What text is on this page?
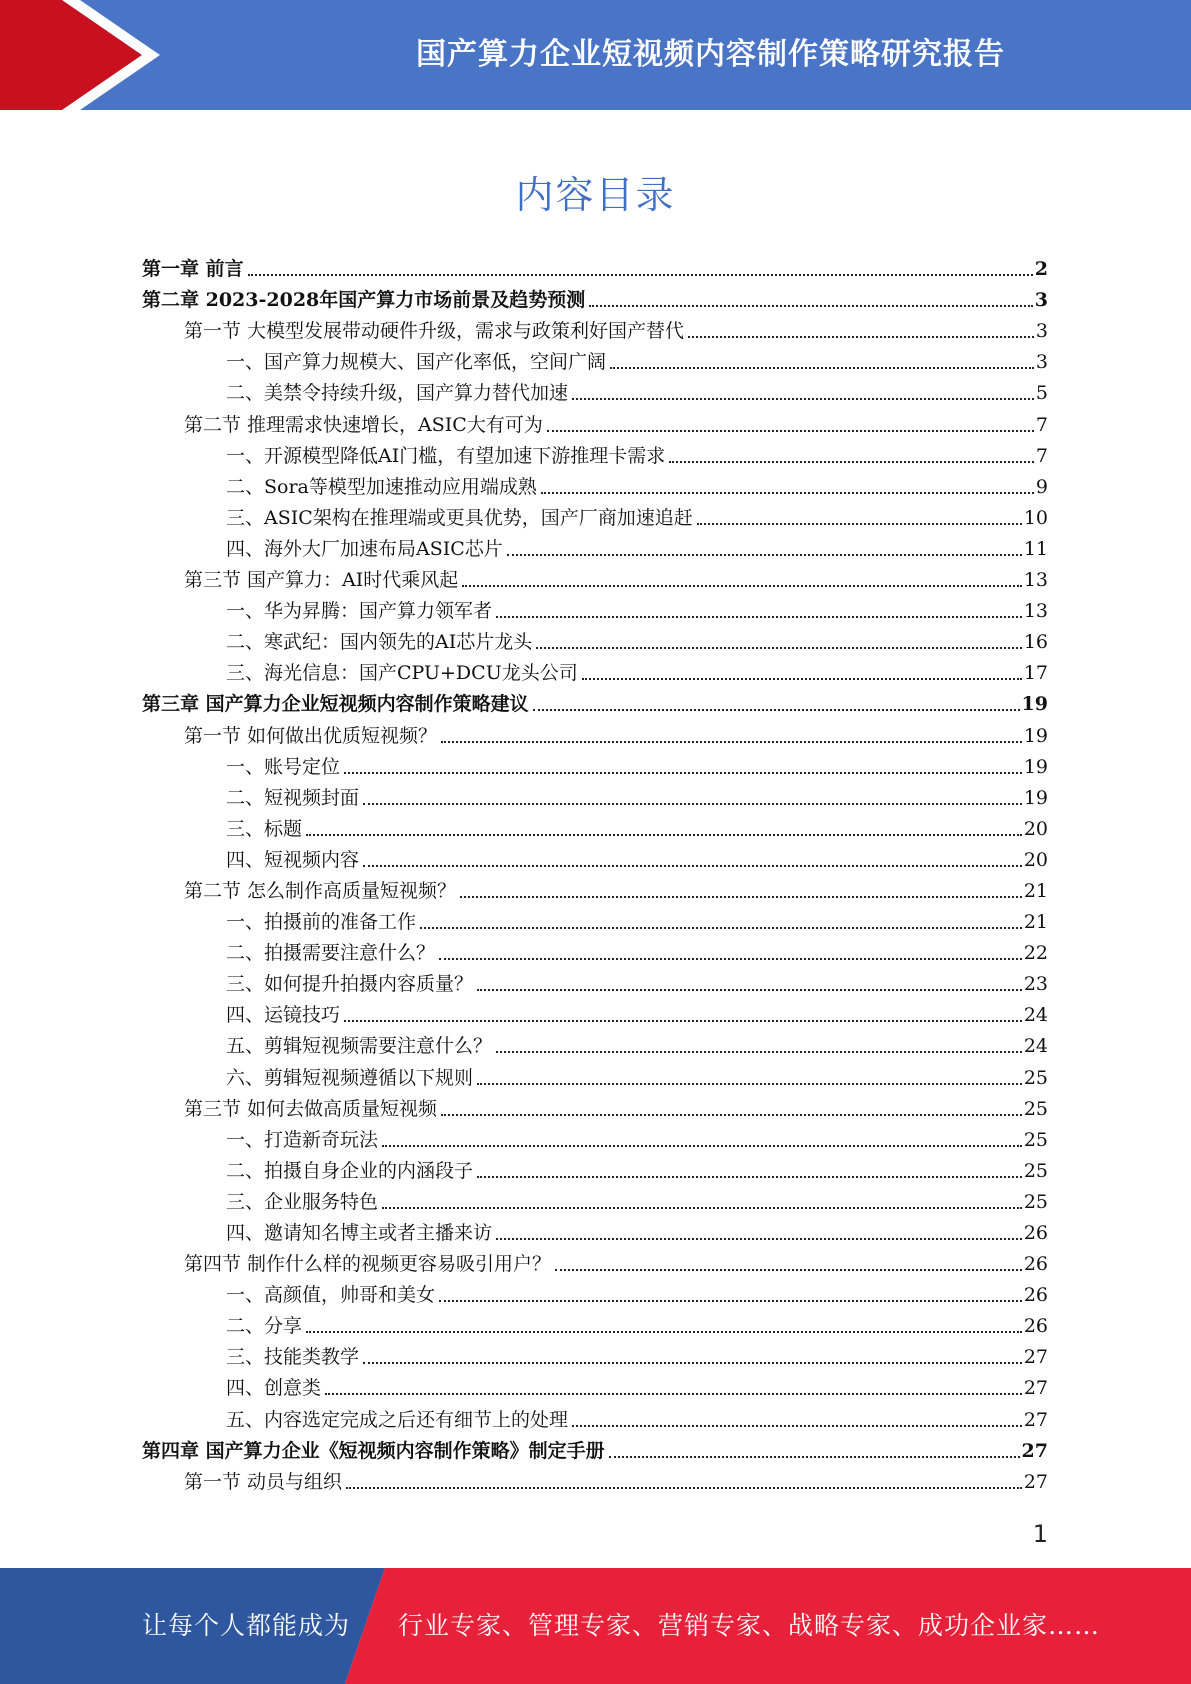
国产算力企业短视频内容制作策略研究报告
内容目录
第一章 前言	2
第二章 2023-2028年国产算力市场前景及趋势预测	3
第一节 大模型发展带动硬件升级，需求与政策利好国产替代	3
一、国产算力规模大、国产化率低，空间广阔	3
二、美禁令持续升级，国产算力替代加速	5
第二节 推理需求快速增长，ASIC大有可为	7
一、开源模型降低AI门槛，有望加速下游推理卡需求	7
二、Sora等模型加速推动应用端成熟	9
三、ASIC架构在推理端或更具优势，国产厂商加速追赶	10
四、海外大厂加速布局ASIC芯片	11
第三节 国产算力：AI时代乘风起	13
一、华为昇腾：国产算力领军者	13
二、寒武纪：国内领先的AI芯片龙头	16
三、海光信息：国产CPU+DCU龙头公司	17
第三章 国产算力企业短视频内容制作策略建议	19
第一节 如何做出优质短视频？	19
一、账号定位	19
二、短视频封面	19
三、标题	20
四、短视频内容	20
第二节 怎么制作高质量短视频？	21
一、拍摄前的准备工作	21
二、拍摄需要注意什么？	22
三、如何提升拍摄内容质量？	23
四、运镜技巧	24
五、剪辑短视频需要注意什么？	24
六、剪辑短视频遵循以下规则	25
第三节 如何去做高质量短视频	25
一、打造新奇玩法	25
二、拍摄自身企业的内涵段子	25
三、企业服务特色	25
四、邀请知名博主或者主播来访	26
第四节 制作什么样的视频更容易吸引用户？	26
一、高颜值，帅哥和美女	26
二、分享	26
三、技能类教学	27
四、创意类	27
五、内容选定完成之后还有细节上的处理	27
第四章 国产算力企业《短视频内容制作策略》制定手册	27
第一节 动员与组织	27
1
让每个人都能成为 行业专家、管理专家、营销专家、战略专家、成功企业家……
